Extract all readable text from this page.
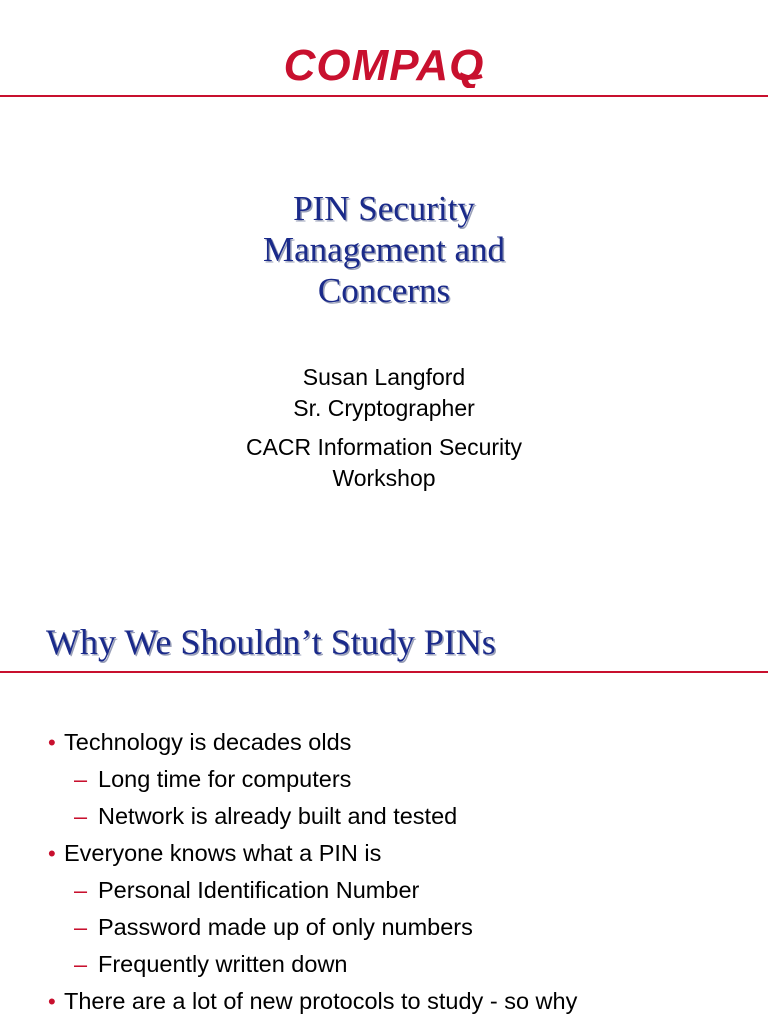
COMPAQ
PIN Security
Management and
Concerns
Susan Langford
Sr. Cryptographer
CACR Information Security
Workshop
Why We Shouldn’t Study PINs
• Technology is decades olds
– Long time for computers
– Network is already built and tested
• Everyone knows what a PIN is
– Personal Identification Number
– Password made up of only numbers
– Frequently written down
• There are a lot of new protocols to study - so why
